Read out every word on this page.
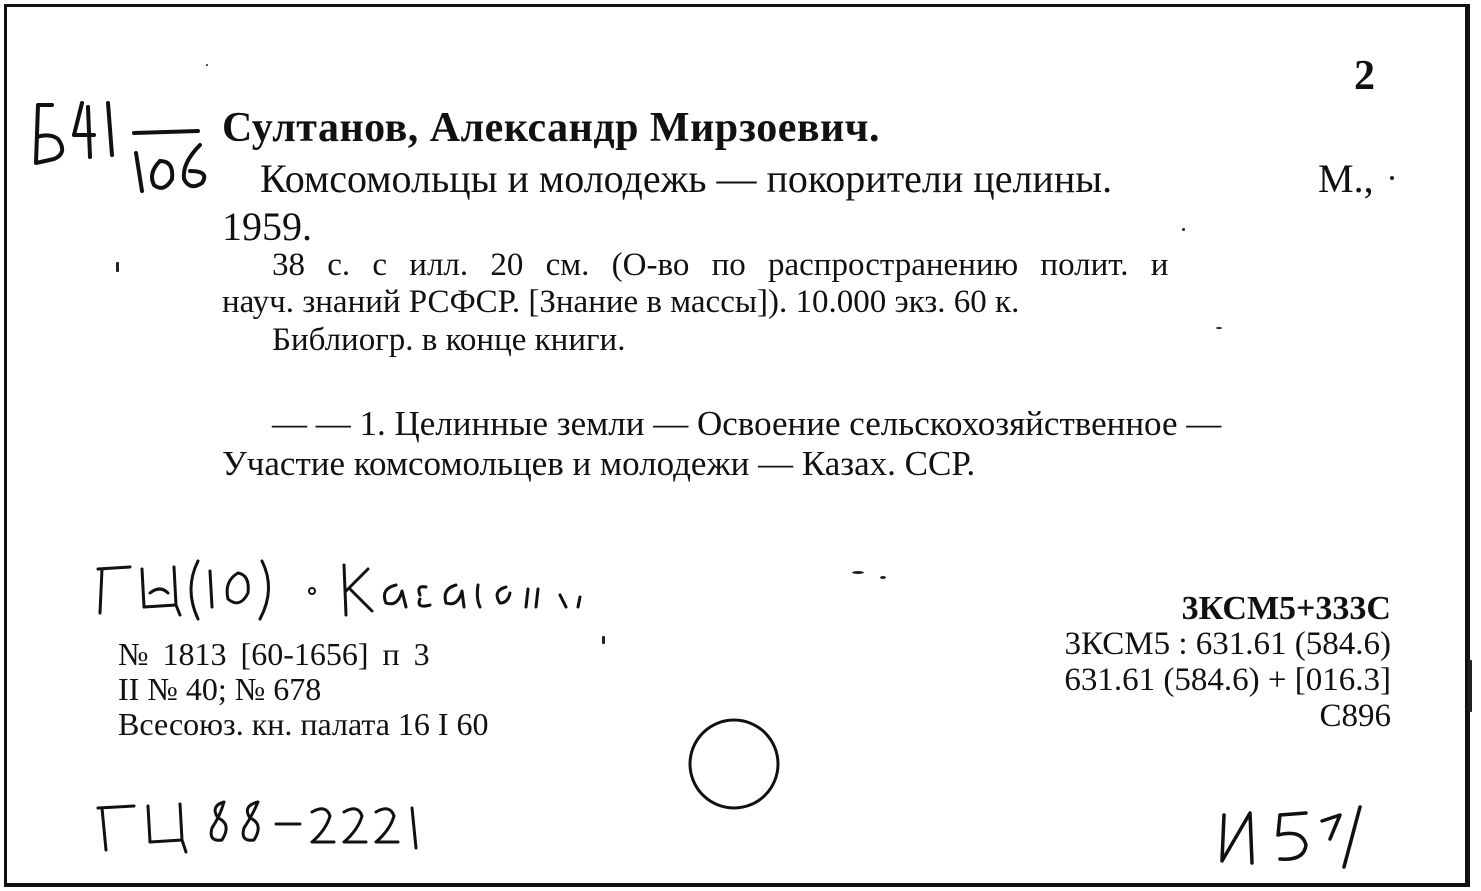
2
Султанов, Александр Мирзоевич.
Комсомольцы и молодежь — покорители целины.	М.,
1959.
38 с. с илл. 20 см. (О-во по распространению полит. и
науч. знаний РСФСР. [Знание в массы]). 10.000 экз. 60 к.
Библиогр. в конце книги.
— — 1. Целинные земли — Освоение сельскохозяйственное —
Участие комсомольцев и молодежи — Казах. ССР.
№ 1813 [60-1656] п 3
II № 40; № 678
Всесоюз. кн. палата 16 I 60
3КСМ5+333С
3КСМ5 : 631.61 (584.6)
631.61 (584.6) + [016.3]
С896
